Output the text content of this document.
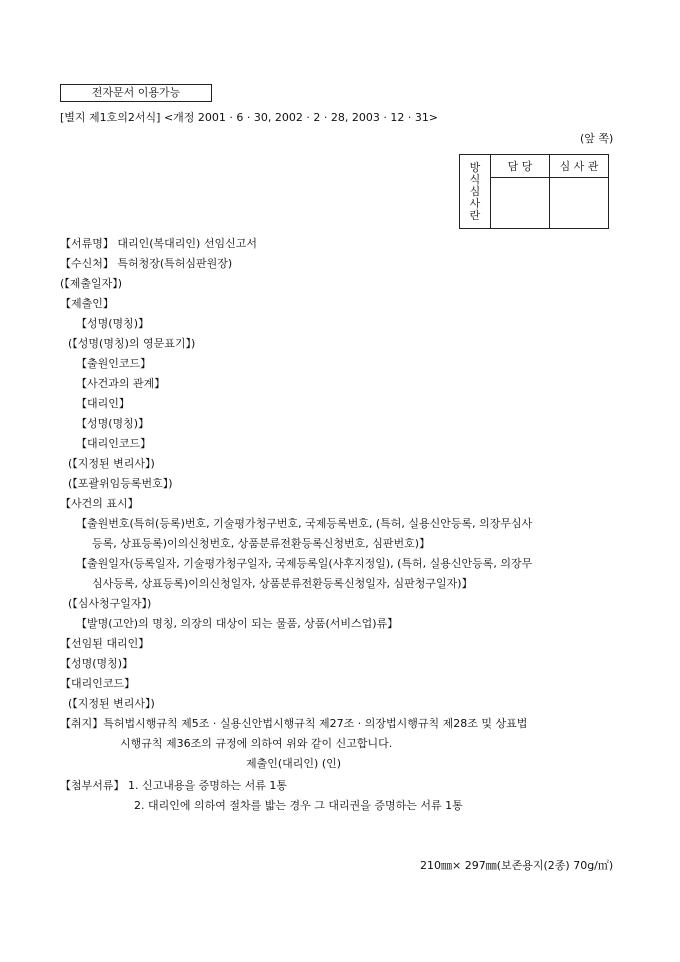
전자문서 이용가능
[별지 제1호의2서식] <개정 2001 · 6 · 30, 2002 · 2 · 28, 2003 · 12 · 31>
(앞 쪽)
방
식
심
사
란	담 당	심 사 관

【서류명】 대리인(복대리인) 선임신고서
【수신처】 특허청장(특허심판원장)
(【제출일자】)
【제출인】
【성명(명칭)】
(【성명(명칭)의 영문표기】)
【출원인코드】
【사건과의 관계】
【대리인】
【성명(명칭)】
【대리인코드】
(【지정된 변리사】)
(【포괄위임등록번호】)
【사건의 표시】
【출원번호(특허(등록)번호, 기술평가청구번호, 국제등록번호, (특허, 실용신안등록, 의장무심사
등록, 상표등록)이의신청번호, 상품분류전환등록신청번호, 심판번호)】
【출원일자(등록일자, 기술평가청구일자, 국제등록일(사후지정일), (특허, 실용신안등록, 의장무
심사등록, 상표등록)이의신청일자, 상품분류전환등록신청일자, 심판청구일자)】
(【심사청구일자】)
【발명(고안)의 명칭, 의장의 대상이 되는 물품, 상품(서비스업)류】
【선임된 대리인】
【성명(명칭)】
【대리인코드】
(【지정된 변리사】)
【취지】특허법시행규칙 제5조 · 실용신안법시행규칙 제27조 · 의장법시행규칙 제28조 및 상표법
시행규칙 제36조의 규정에 의하여 위와 같이 신고합니다.
제출인(대리인) (인)
【첨부서류】 1. 신고내용을 증명하는 서류 1통
2. 대리인에 의하여 절차를 밟는 경우 그 대리권을 증명하는 서류 1통
210㎜× 297㎜(보존용지(2종) 70g/㎡)
